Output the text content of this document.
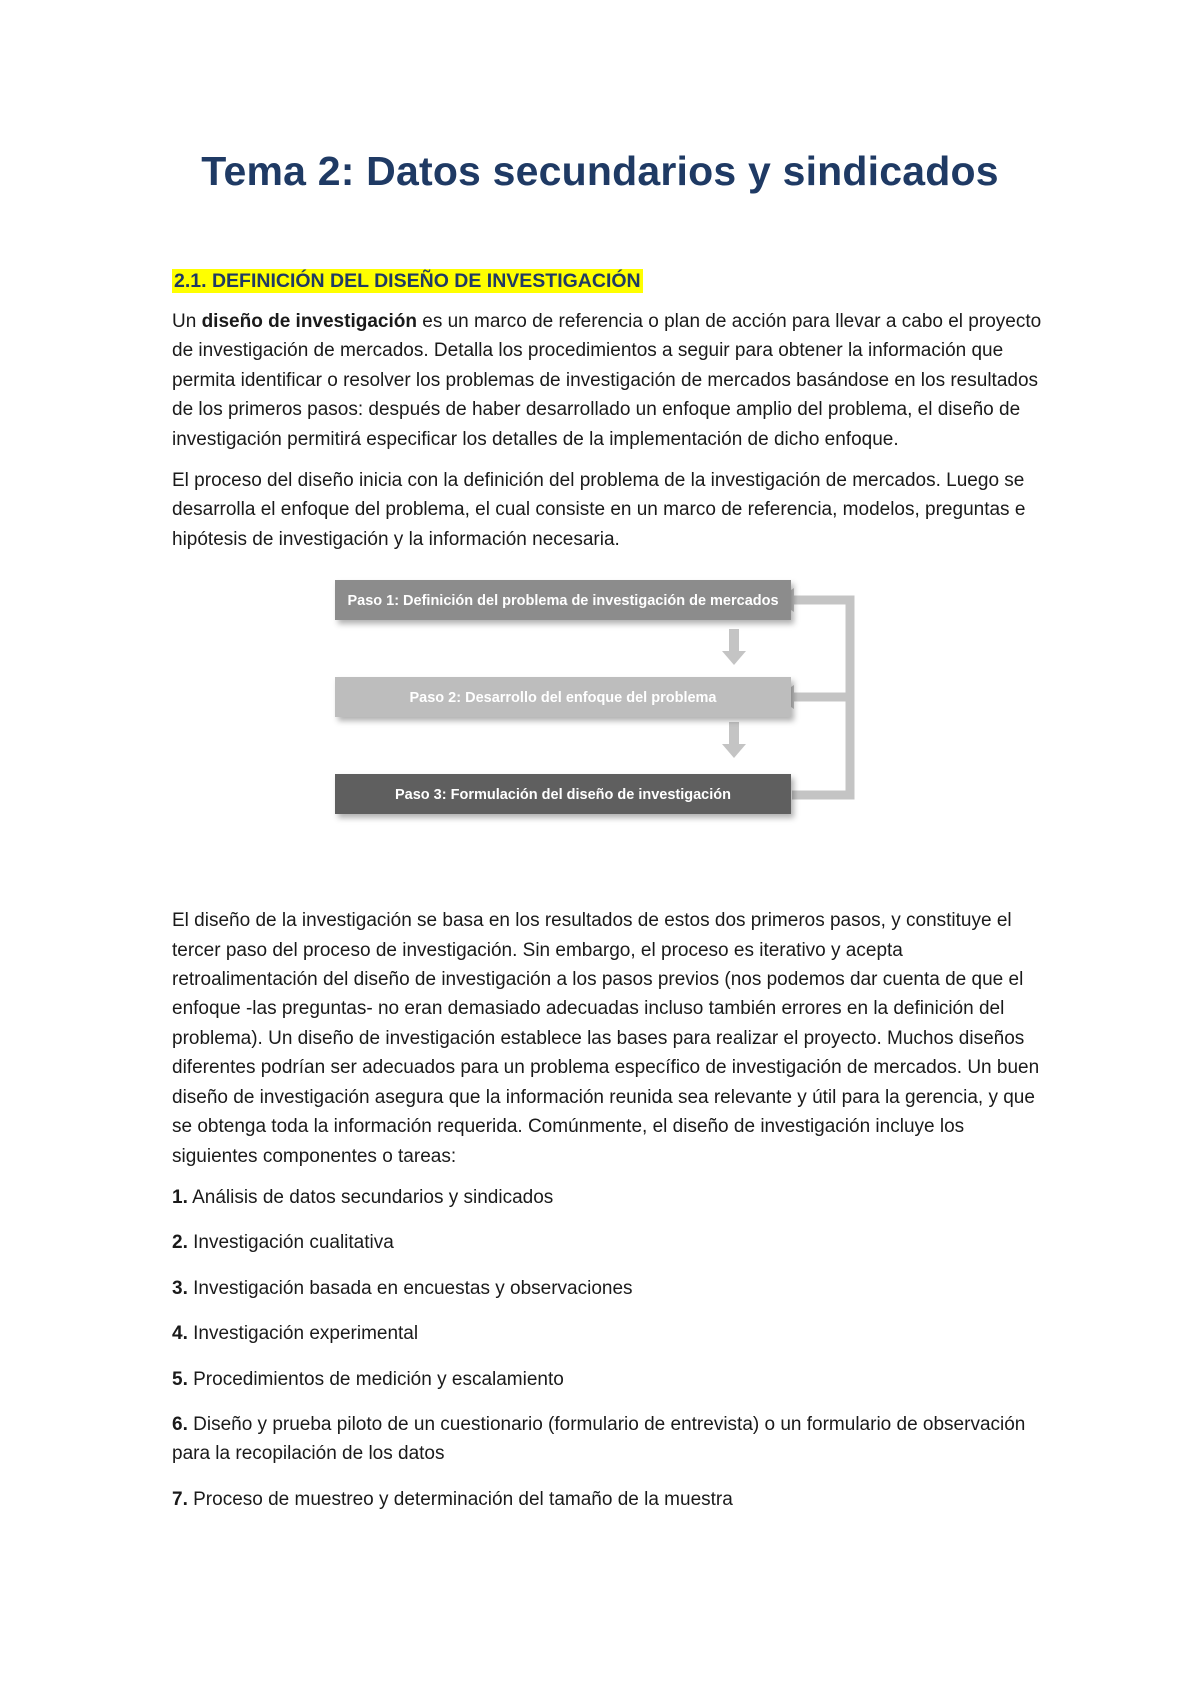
Tema 2: Datos secundarios y sindicados
2.1. DEFINICIÓN DEL DISEÑO DE INVESTIGACIÓN

Un diseño de investigación es un marco de referencia o plan de acción para llevar a cabo el proyecto de investigación de mercados. Detalla los procedimientos a seguir para obtener la información que permita identificar o resolver los problemas de investigación de mercados basándose en los resultados de los primeros pasos: después de haber desarrollado un enfoque amplio del problema, el diseño de investigación permitirá especificar los detalles de la implementación de dicho enfoque.

El proceso del diseño inicia con la definición del problema de la investigación de mercados. Luego se desarrolla el enfoque del problema, el cual consiste en un marco de referencia, modelos, preguntas e hipótesis de investigación y la información necesaria.

Paso 1: Definición del problema de investigación de mercados
Paso 2: Desarrollo del enfoque del problema
Paso 3: Formulación del diseño de investigación

El diseño de la investigación se basa en los resultados de estos dos primeros pasos, y constituye el tercer paso del proceso de investigación. Sin embargo, el proceso es iterativo y acepta retroalimentación del diseño de investigación a los pasos previos (nos podemos dar cuenta de que el enfoque -las preguntas- no eran demasiado adecuadas incluso también errores en la definición del problema). Un diseño de investigación establece las bases para realizar el proyecto. Muchos diseños diferentes podrían ser adecuados para un problema específico de investigación de mercados. Un buen diseño de investigación asegura que la información reunida sea relevante y útil para la gerencia, y que se obtenga toda la información requerida. Comúnmente, el diseño de investigación incluye los siguientes componentes o tareas:

1. Análisis de datos secundarios y sindicados

2. Investigación cualitativa

3. Investigación basada en encuestas y observaciones

4. Investigación experimental

5. Procedimientos de medición y escalamiento

6. Diseño y prueba piloto de un cuestionario (formulario de entrevista) o un formulario de observación para la recopilación de los datos

7. Proceso de muestreo y determinación del tamaño de la muestra
